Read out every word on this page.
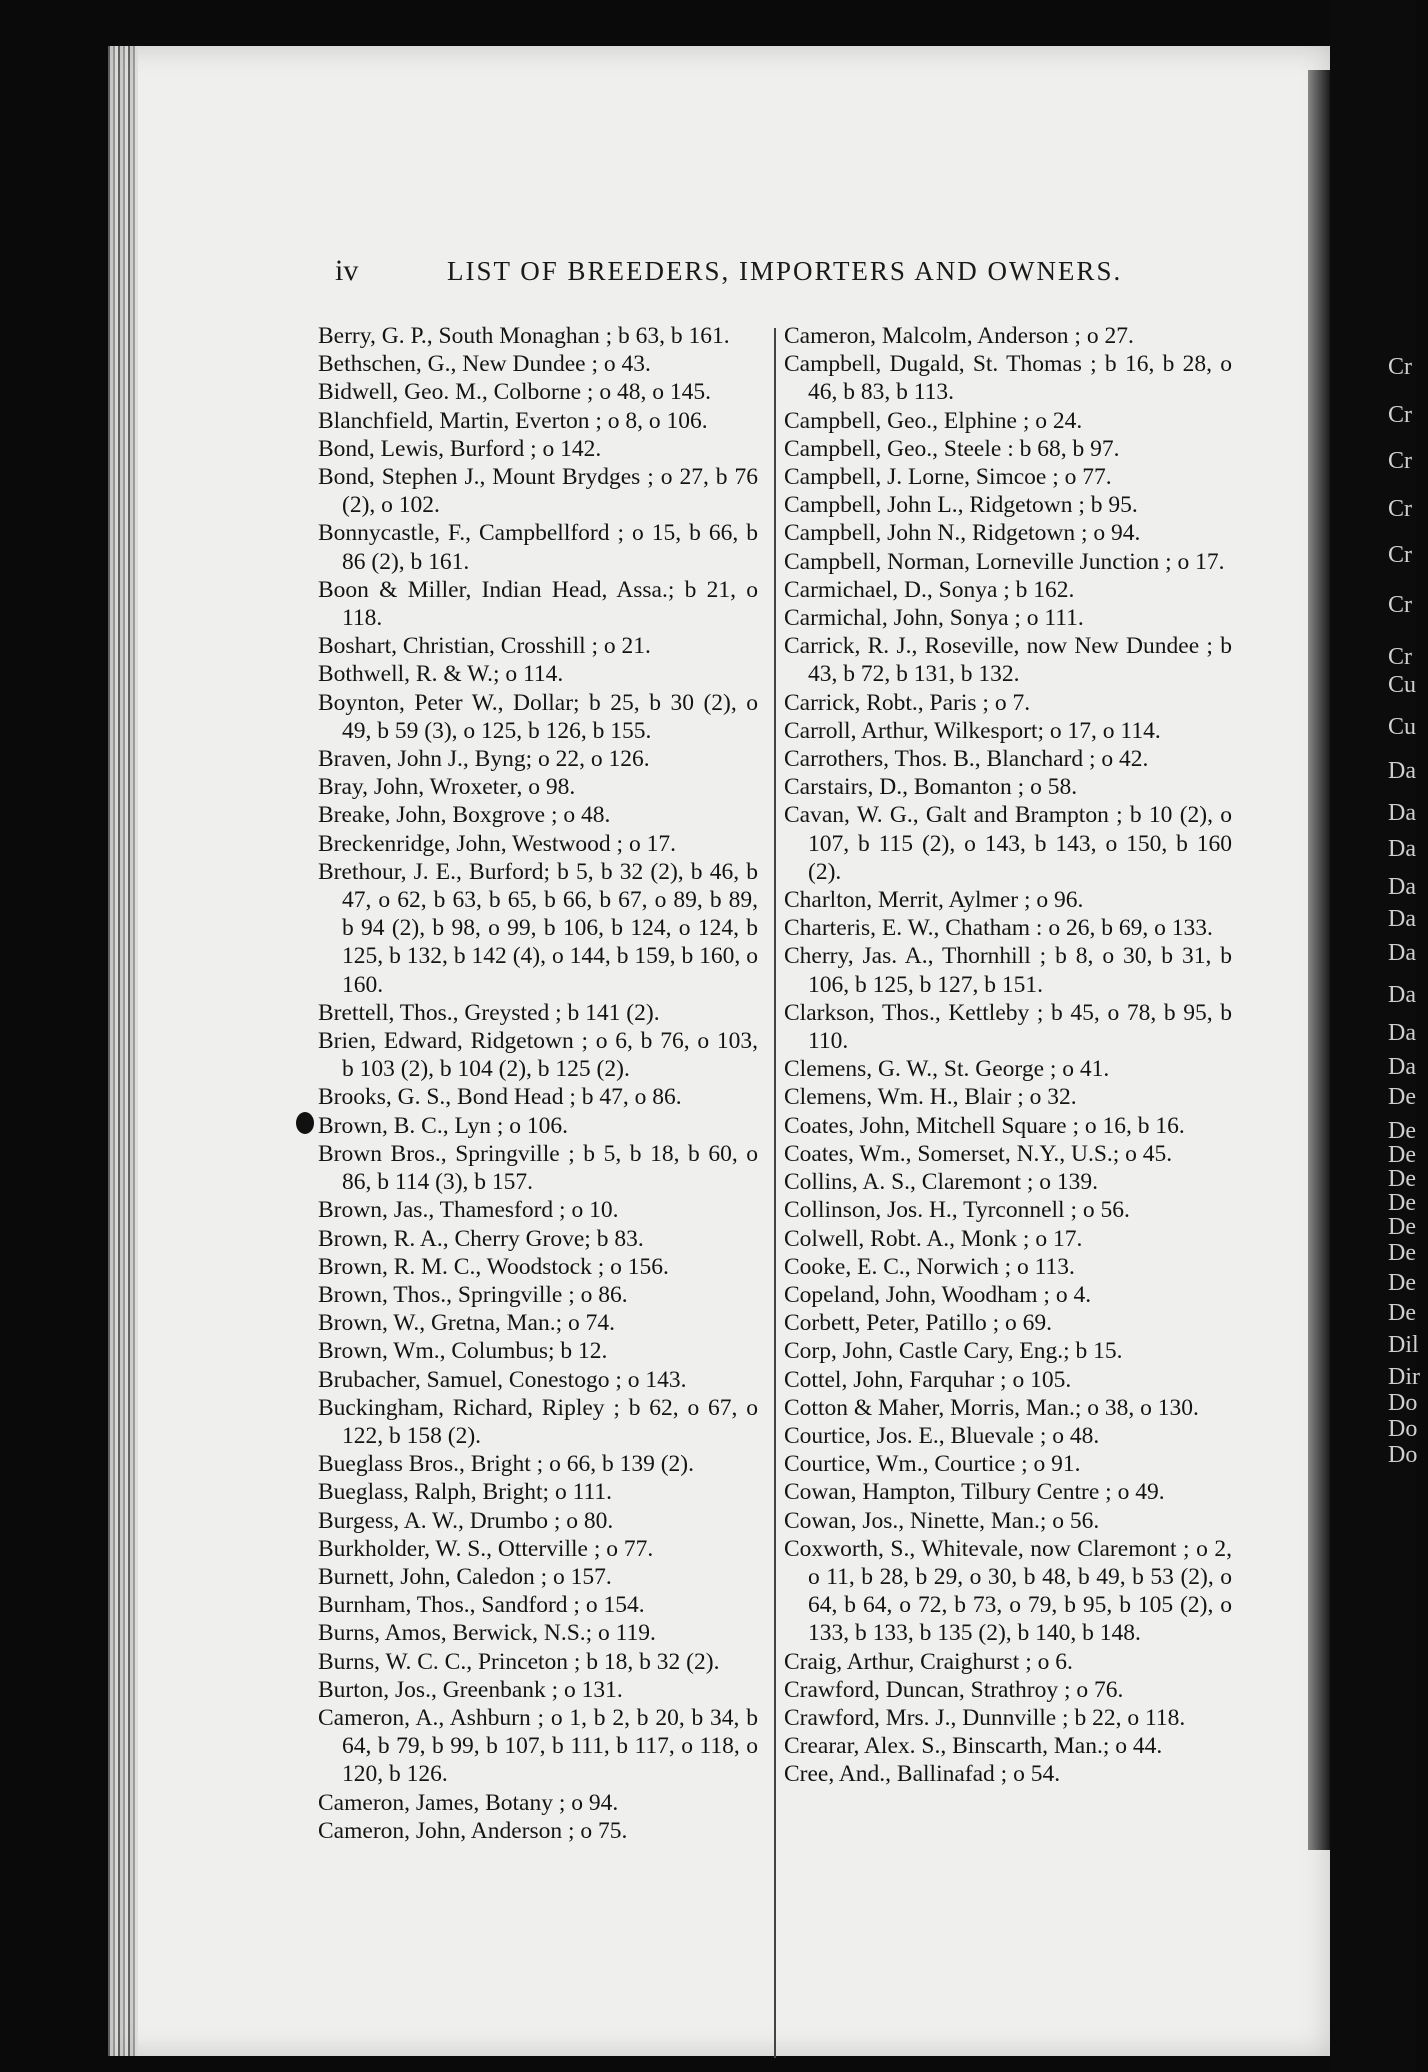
Cr
Cr
Cr
Cr
Cr
Cr
Cr
Cu
Cu
Da
Da
Da
Da
Da
Da
Da
Da
Da
De
De
De
De
De
De
De
De
De
Dil
Dir
Do
Do
Do
iv	LIST OF BREEDERS, IMPORTERS AND OWNERS.

Berry, G. P., South Monaghan ; b 63, b 161.

Bethschen, G., New Dundee ; o 43.

Bidwell, Geo. M., Colborne ; o 48, o 145.

Blanchfield, Martin, Everton ; o 8, o 106.

Bond, Lewis, Burford ; o 142.

Bond, Stephen J., Mount Brydges ; o 27, b 76 (2), o 102.

Bonnycastle, F., Campbellford ; o 15, b 66, b 86 (2), b 161.

Boon & Miller, Indian Head, Assa.; b 21, o 118.

Boshart, Christian, Crosshill ; o 21.

Bothwell, R. & W.; o 114.

Boynton, Peter W., Dollar; b 25, b 30 (2), o 49, b 59 (3), o 125, b 126, b 155.

Braven, John J., Byng; o 22, o 126.

Bray, John, Wroxeter, o 98.

Breake, John, Boxgrove ; o 48.

Breckenridge, John, Westwood ; o 17.

Brethour, J. E., Burford; b 5, b 32 (2), b 46, b 47, o 62, b 63, b 65, b 66, b 67, o 89, b 89, b 94 (2), b 98, o 99, b 106, b 124, o 124, b 125, b 132, b 142 (4), o 144, b 159, b 160, o 160.

Brettell, Thos., Greysted ; b 141 (2).

Brien, Edward, Ridgetown ; o 6, b 76, o 103, b 103 (2), b 104 (2), b 125 (2).

Brooks, G. S., Bond Head ; b 47, o 86.

Brown, B. C., Lyn ; o 106.

Brown Bros., Springville ; b 5, b 18, b 60, o 86, b 114 (3), b 157.

Brown, Jas., Thamesford ; o 10.

Brown, R. A., Cherry Grove; b 83.

Brown, R. M. C., Woodstock ; o 156.

Brown, Thos., Springville ; o 86.

Brown, W., Gretna, Man.; o 74.

Brown, Wm., Columbus; b 12.

Brubacher, Samuel, Conestogo ; o 143.

Buckingham, Richard, Ripley ; b 62, o 67, o 122, b 158 (2).

Bueglass Bros., Bright ; o 66, b 139 (2).

Bueglass, Ralph, Bright; o 111.

Burgess, A. W., Drumbo ; o 80.

Burkholder, W. S., Otterville ; o 77.

Burnett, John, Caledon ; o 157.

Burnham, Thos., Sandford ; o 154.

Burns, Amos, Berwick, N.S.; o 119.

Burns, W. C. C., Princeton ; b 18, b 32 (2).

Burton, Jos., Greenbank ; o 131.

Cameron, A., Ashburn ; o 1, b 2, b 20, b 34, b 64, b 79, b 99, b 107, b 111, b 117, o 118, o 120, b 126.

Cameron, James, Botany ; o 94.

Cameron, John, Anderson ; o 75.

Cameron, Malcolm, Anderson ; o 27.

Campbell, Dugald, St. Thomas ; b 16, b 28, o 46, b 83, b 113.

Campbell, Geo., Elphine ; o 24.

Campbell, Geo., Steele : b 68, b 97.

Campbell, J. Lorne, Simcoe ; o 77.

Campbell, John L., Ridgetown ; b 95.

Campbell, John N., Ridgetown ; o 94.

Campbell, Norman, Lorneville Junction ; o 17.

Carmichael, D., Sonya ; b 162.

Carmichal, John, Sonya ; o 111.

Carrick, R. J., Roseville, now New Dundee ; b 43, b 72, b 131, b 132.

Carrick, Robt., Paris ; o 7.

Carroll, Arthur, Wilkesport; o 17, o 114.

Carrothers, Thos. B., Blanchard ; o 42.

Carstairs, D., Bomanton ; o 58.

Cavan, W. G., Galt and Brampton ; b 10 (2), o 107, b 115 (2), o 143, b 143, o 150, b 160 (2).

Charlton, Merrit, Aylmer ; o 96.

Charteris, E. W., Chatham : o 26, b 69, o 133.

Cherry, Jas. A., Thornhill ; b 8, o 30, b 31, b 106, b 125, b 127, b 151.

Clarkson, Thos., Kettleby ; b 45, o 78, b 95, b 110.

Clemens, G. W., St. George ; o 41.

Clemens, Wm. H., Blair ; o 32.

Coates, John, Mitchell Square ; o 16, b 16.

Coates, Wm., Somerset, N.Y., U.S.; o 45.

Collins, A. S., Claremont ; o 139.

Collinson, Jos. H., Tyrconnell ; o 56.

Colwell, Robt. A., Monk ; o 17.

Cooke, E. C., Norwich ; o 113.

Copeland, John, Woodham ; o 4.

Corbett, Peter, Patillo ; o 69.

Corp, John, Castle Cary, Eng.; b 15.

Cottel, John, Farquhar ; o 105.

Cotton & Maher, Morris, Man.; o 38, o 130.

Courtice, Jos. E., Bluevale ; o 48.

Courtice, Wm., Courtice ; o 91.

Cowan, Hampton, Tilbury Centre ; o 49.

Cowan, Jos., Ninette, Man.; o 56.

Coxworth, S., Whitevale, now Claremont ; o 2, o 11, b 28, b 29, o 30, b 48, b 49, b 53 (2), o 64, b 64, o 72, b 73, o 79, b 95, b 105 (2), o 133, b 133, b 135 (2), b 140, b 148.

Craig, Arthur, Craighurst ; o 6.

Crawford, Duncan, Strathroy ; o 76.

Crawford, Mrs. J., Dunnville ; b 22, o 118.

Crearar, Alex. S., Binscarth, Man.; o 44.

Cree, And., Ballinafad ; o 54.
